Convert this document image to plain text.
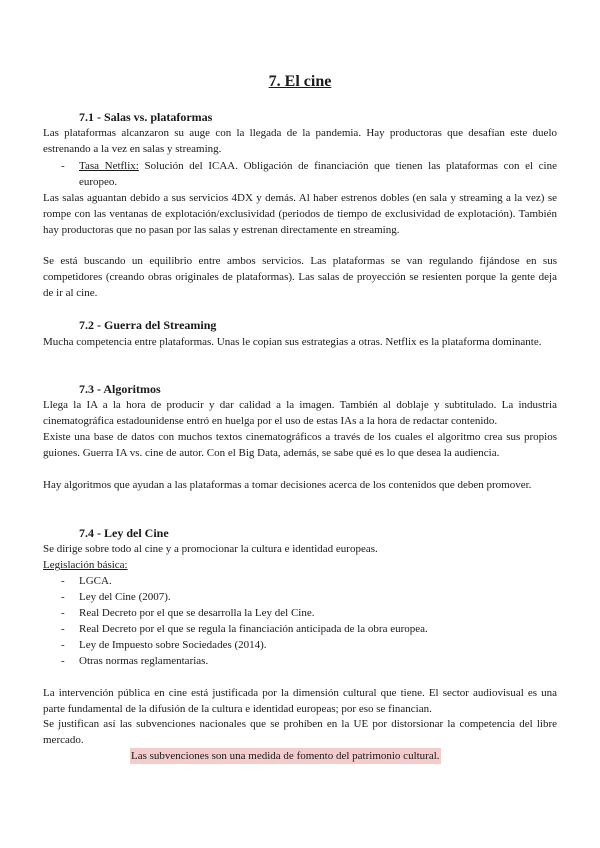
7. El cine
7.1 - Salas vs. plataformas

Las plataformas alcanzaron su auge con la llegada de la pandemia. Hay productoras que desafían este duelo estrenando a la vez en salas y streaming.

-	Tasa Netflix: Solución del ICAA. Obligación de financiación que tienen las plataformas con el cine europeo.

Las salas aguantan debido a sus servicios 4DX y demás. Al haber estrenos dobles (en sala y streaming a la vez) se rompe con las ventanas de explotación/exclusividad (periodos de tiempo de exclusividad de explotación). También hay productoras que no pasan por las salas y estrenan directamente en streaming.

Se está buscando un equilibrio entre ambos servicios. Las plataformas se van regulando fijándose en sus competidores (creando obras originales de plataformas). Las salas de proyección se resienten porque la gente deja de ir al cine.

7.2 - Guerra del Streaming

Mucha competencia entre plataformas. Unas le copian sus estrategias a otras. Netflix es la plataforma dominante.

7.3 - Algoritmos

Llega la IA a la hora de producir y dar calidad a la imagen. También al doblaje y subtitulado. La industria cinematográfica estadounidense entró en huelga por el uso de estas IAs a la hora de redactar contenido.

Existe una base de datos con muchos textos cinematográficos a través de los cuales el algoritmo crea sus propios guiones. Guerra IA vs. cine de autor. Con el Big Data, además, se sabe qué es lo que desea la audiencia.

Hay algoritmos que ayudan a las plataformas a tomar decisiones acerca de los contenidos que deben promover.

7.4 - Ley del Cine

Se dirige sobre todo al cine y a promocionar la cultura e identidad europeas.

Legislación básica:

- LGCA.
- Ley del Cine (2007).
- Real Decreto por el que se desarrolla la Ley del Cine.
- Real Decreto por el que se regula la financiación anticipada de la obra europea.
- Ley de Impuesto sobre Sociedades (2014).
- Otras normas reglamentarias.

La intervención pública en cine está justificada por la dimensión cultural que tiene. El sector audiovisual es una parte fundamental de la difusión de la cultura e identidad europeas; por eso se financian.

Se justifican así las subvenciones nacionales que se prohíben en la UE por distorsionar la competencia del libre mercado.

Las subvenciones son una medida de fomento del patrimonio cultural.
